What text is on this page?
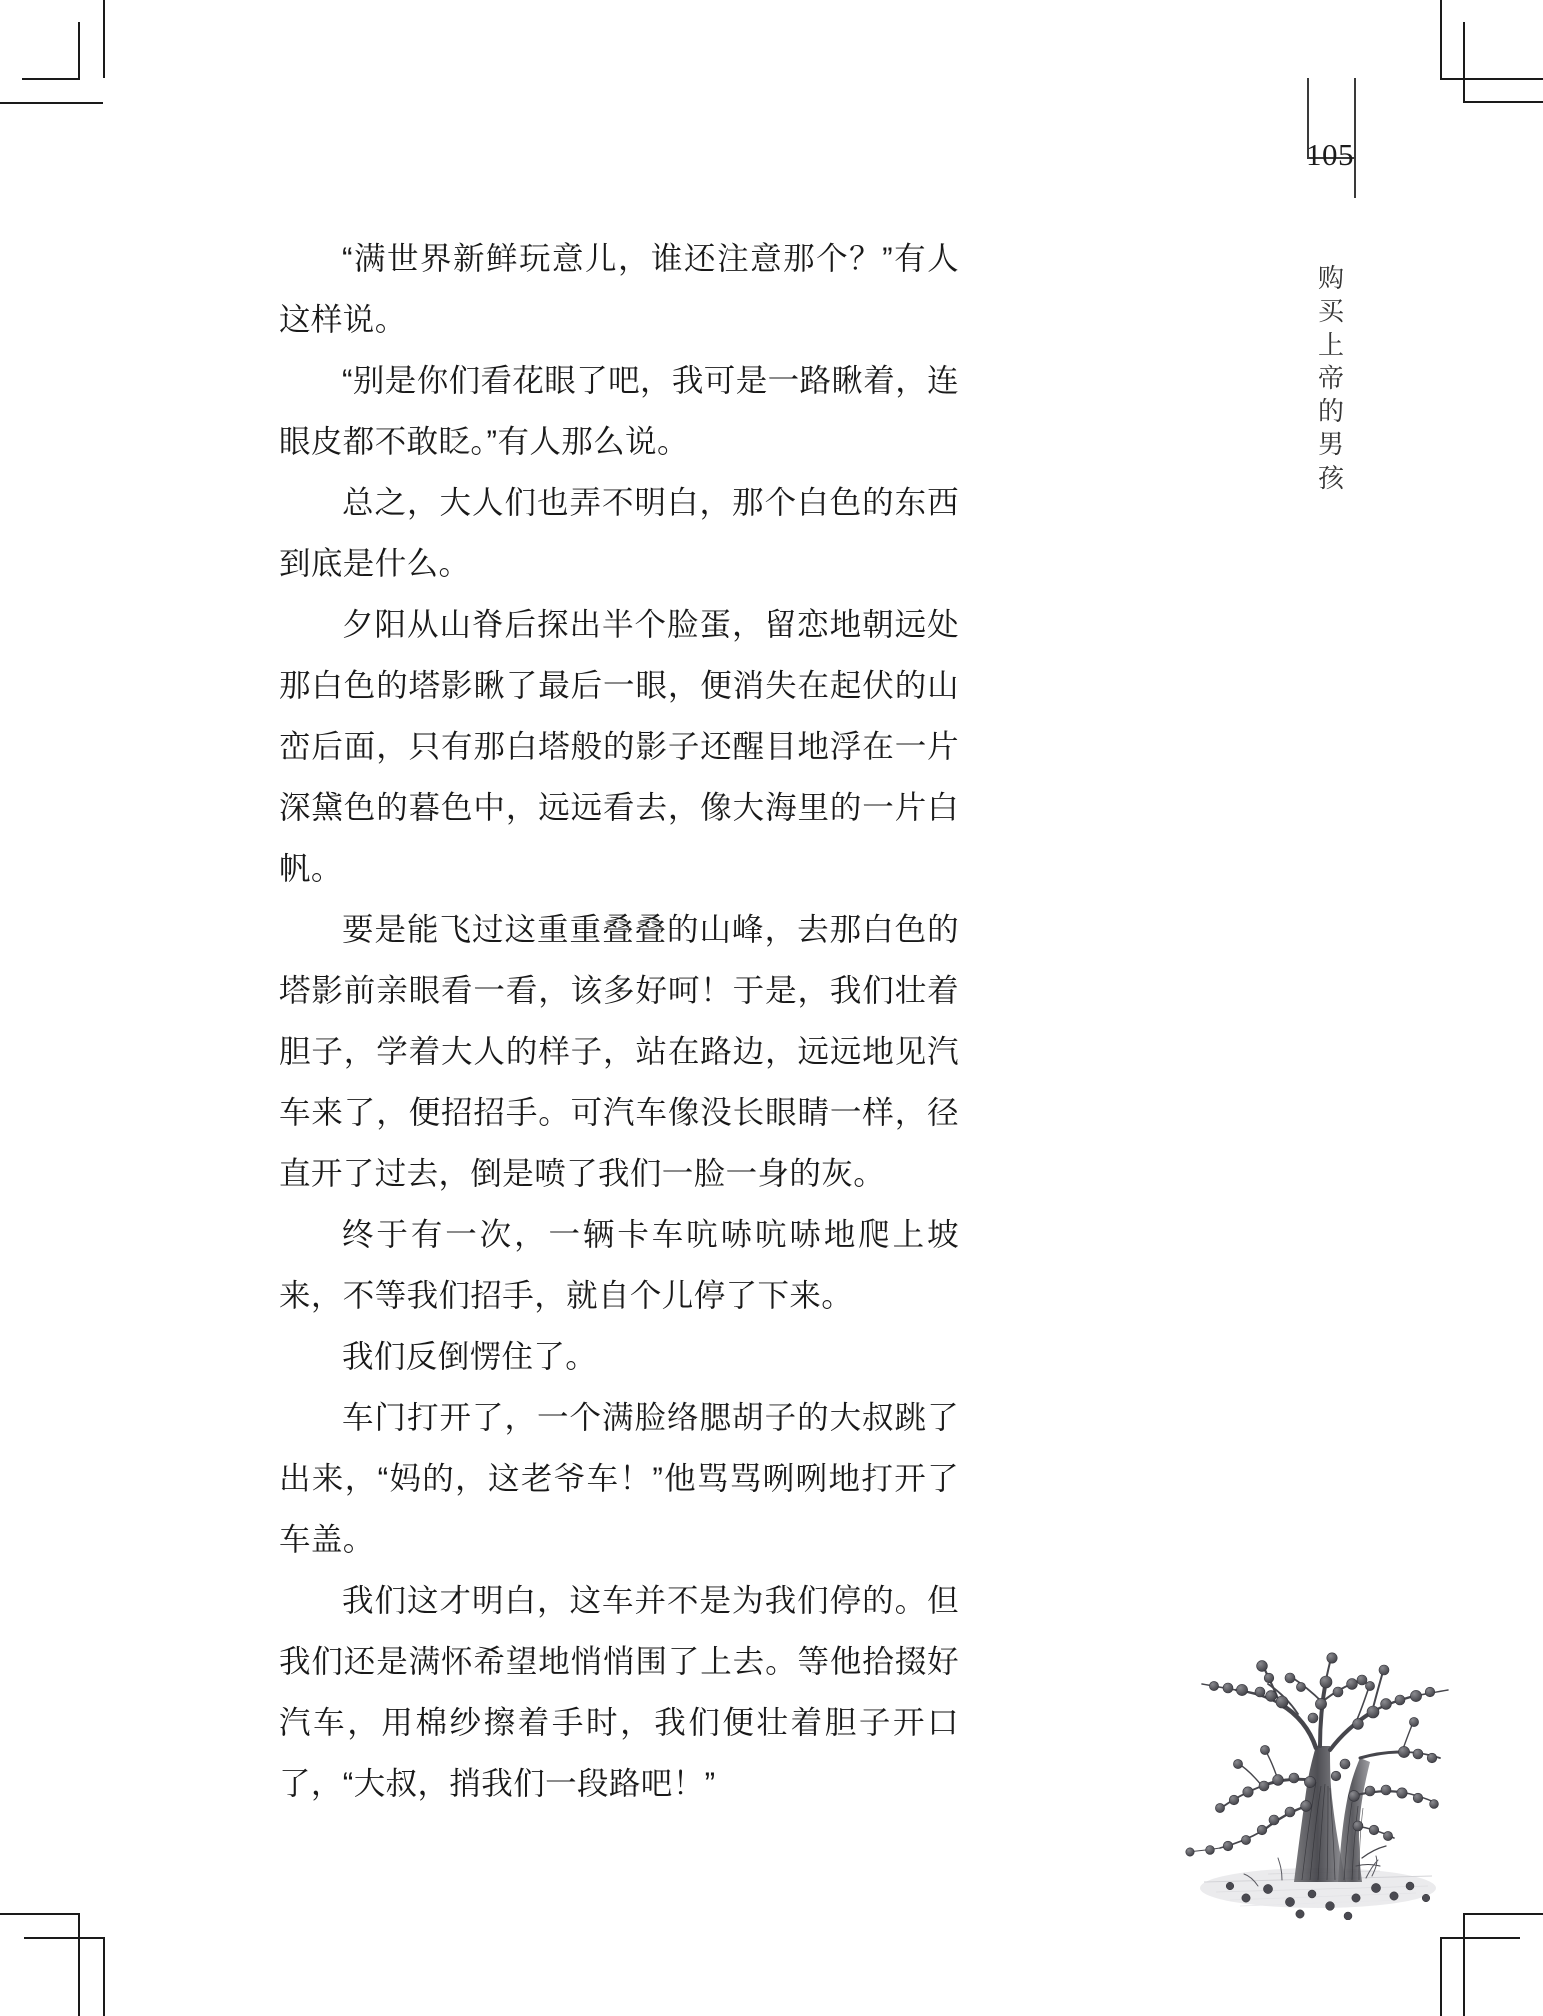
105
购
买
上
帝
的
男
孩

“满世界新鲜玩意儿，谁还注意那个？”有人这样说。

“别是你们看花眼了吧，我可是一路瞅着，连眼皮都不敢眨。”有人那么说。

总之，大人们也弄不明白，那个白色的东西到底是什么。

夕阳从山脊后探出半个脸蛋，留恋地朝远处那白色的塔影瞅了最后一眼，便消失在起伏的山峦后面，只有那白塔般的影子还醒目地浮在一片深黛色的暮色中，远远看去，像大海里的一片白帆。

要是能飞过这重重叠叠的山峰，去那白色的塔影前亲眼看一看，该多好呵！于是，我们壮着胆子，学着大人的样子，站在路边，远远地见汽车来了，便招招手。可汽车像没长眼睛一样，径直开了过去，倒是喷了我们一脸一身的灰。

终于有一次，一辆卡车吭哧吭哧地爬上坡来，不等我们招手，就自个儿停了下来。

我们反倒愣住了。

车门打开了，一个满脸络腮胡子的大叔跳了出来，“妈的，这老爷车！”他骂骂咧咧地打开了车盖。

我们这才明白，这车并不是为我们停的。但我们还是满怀希望地悄悄围了上去。等他拾掇好汽车，用棉纱擦着手时，我们便壮着胆子开口了，“大叔，捎我们一段路吧！”
